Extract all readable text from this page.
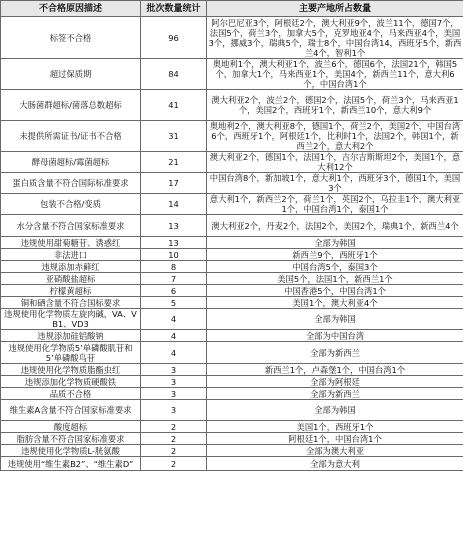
不合格原因描述	批次数量统计	主要产地所占数量
标签不合格	96	阿尔巴尼亚3个，阿根廷2个，澳大利亚9个，波兰11个，德国7个，法国5个，荷兰3个，加拿大5个，克罗地亚4个，马来西亚4个，美国3个，挪威3个，瑞典5个，瑞士8个，中国台湾14，西班牙5个，新西兰4个，智利1个
超过保质期	84	奥地利1个，澳大利亚1个，波兰6个，德国6个，法国21个，韩国5个，加拿大1个，马来西亚1个，美国4个，新西兰11个，意大利6个，中国台湾1个
大肠菌群超标/菌落总数超标	41	澳大利亚2个，波兰2个，德国2个，法国5个，荷兰3个，马来西亚1个，美国2个，西班牙1个，新西兰10个，意大利9个
未提供所需证书/证书不合格	31	奥地利2个，澳大利亚8个，德国1个，荷兰2个，美国2个，中国台湾6个，西班牙1个，阿根廷1个，比利时1个，法国2个，韩国1个，新西兰2个，意大利2个
酵母菌超标/霉菌超标	21	澳大利亚2个，德国1个，法国1个，吉尔吉斯斯坦2个，美国1个，意大利12个
蛋白质含量不符合国际标准要求	17	中国台湾8个，新加坡1个，意大利1个，西班牙3个，德国1个，美国3个
包装不合格/变质	14	意大利1个，新西兰2个，荷兰1个，英国2个，乌拉圭1个，澳大利亚1个，中国台湾1个，泰国1个
水分含量不符合国家标准要求	13	澳大利亚2个，丹麦2个，法国2个，美国2个，瑞典1个，新西兰4个
违规使用甜菊糖苷、诱惑红	13	全部为韩国
非法进口	10	新西兰9个，西班牙1个
违规添加赤藓红	8	中国台湾5个，泰国3个
亚硝酸盐超标	7	美国5个，法国1个，新西兰1个
柠檬黄超标	6	中国香港5个，中国台湾1个
铜和硒含量不符合国标要求	5	美国1个，澳大利亚4个
违规使用化学物质左旋肉碱，VA、VB1、VD3	4	全部为韩国
违规添加硅铝酸钠	4	全部为中国台湾
违规使用化学物质5’单磷酸肌苷和5’单磷酸鸟苷	4	全部为新西兰
违规使用化学物质脂酯虫红	3	新西兰1个，卢森堡1个，中国台湾1个
违规添加化学物质硬酸铁	3	全部为阿根廷
品质不合格	3	全部为新西兰
维生素A含量不符合国家标准要求	3	全部为韩国
酸度超标	2	美国1个，西班牙1个
脂肪含量不符合国家标准要求	2	阿根廷1个，中国台湾1个
违规使用化学物质L-胱氨酸	2	全部为澳大利亚
违规使用“维生素B2”、“维生素D”	2	全部为意大利
